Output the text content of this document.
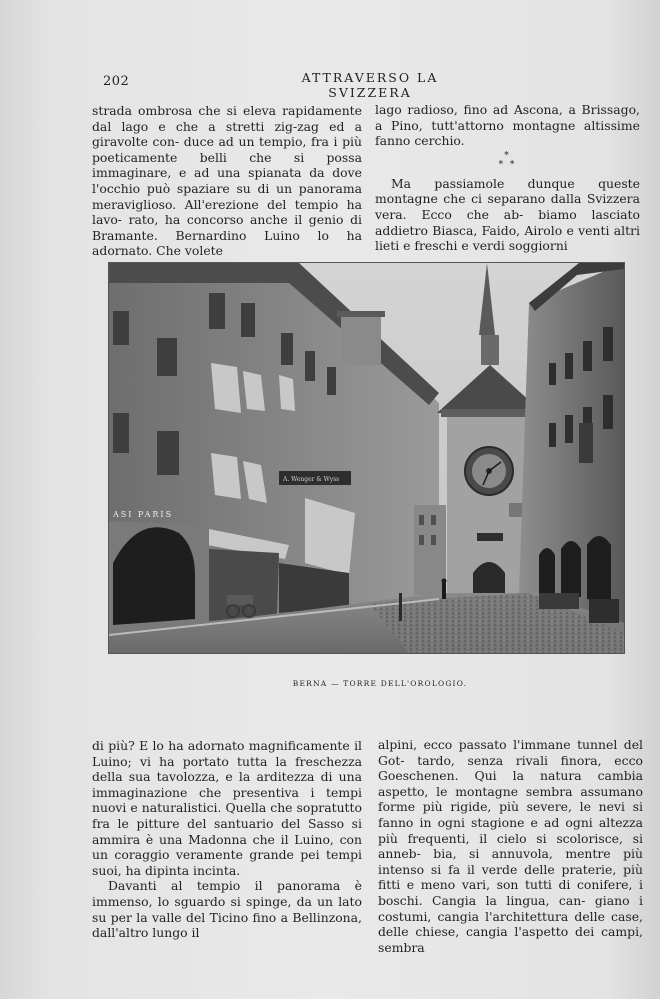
202	ATTRAVERSO LA SVIZZERA

strada ombrosa che si eleva rapidamente dal lago e che a stretti zig-zag ed a giravolte con- duce ad un tempio, fra i più poeticamente belli che si possa immaginare, e ad una spianata da dove l'occhio può spaziare su di un panorama meraviglioso. All'erezione del tempio ha lavo- rato, ha concorso anche il genio di Bramante. Bernardino Luino lo ha adornato. Che volete

lago radioso, fino ad Ascona, a Brissago, a Pino, tutt'attorno montagne altissime fanno cerchio.

*
* *

Ma passiamole dunque queste montagne che ci separano dalla Svizzera vera. Ecco che ab- biamo lasciato addietro Biasca, Faido, Airolo e venti altri lieti e freschi e verdi soggiorni

A. Wenger & Wyss
ASI PARIS
BERNA — TORRE DELL'OROLOGIO.

di più? E lo ha adornato magnificamente il Luino; vi ha portato tutta la freschezza della sua tavolozza, e la arditezza di una immaginazione che presentiva i tempi nuovi e naturalistici. Quella che sopratutto fra le pitture del santuario del Sasso si ammira è una Madonna che il Luino, con un coraggio veramente grande pei tempi suoi, ha dipinta incinta.

Davanti al tempio il panorama è immenso, lo sguardo si spinge, da un lato su per la valle del Ticino fino a Bellinzona, dall'altro lungo il

alpini, ecco passato l'immane tunnel del Got- tardo, senza rivali finora, ecco Goeschenen. Qui la natura cambia aspetto, le montagne sembra assumano forme più rigide, più severe, le nevi si fanno in ogni stagione e ad ogni altezza più frequenti, il cielo si scolorisce, si anneb- bia, si annuvola, mentre più intenso si fa il verde delle praterie, più fitti e meno vari, son tutti di conifere, i boschi. Cangia la lingua, can- giano i costumi, cangia l'architettura delle case, delle chiese, cangia l'aspetto dei campi, sembra
